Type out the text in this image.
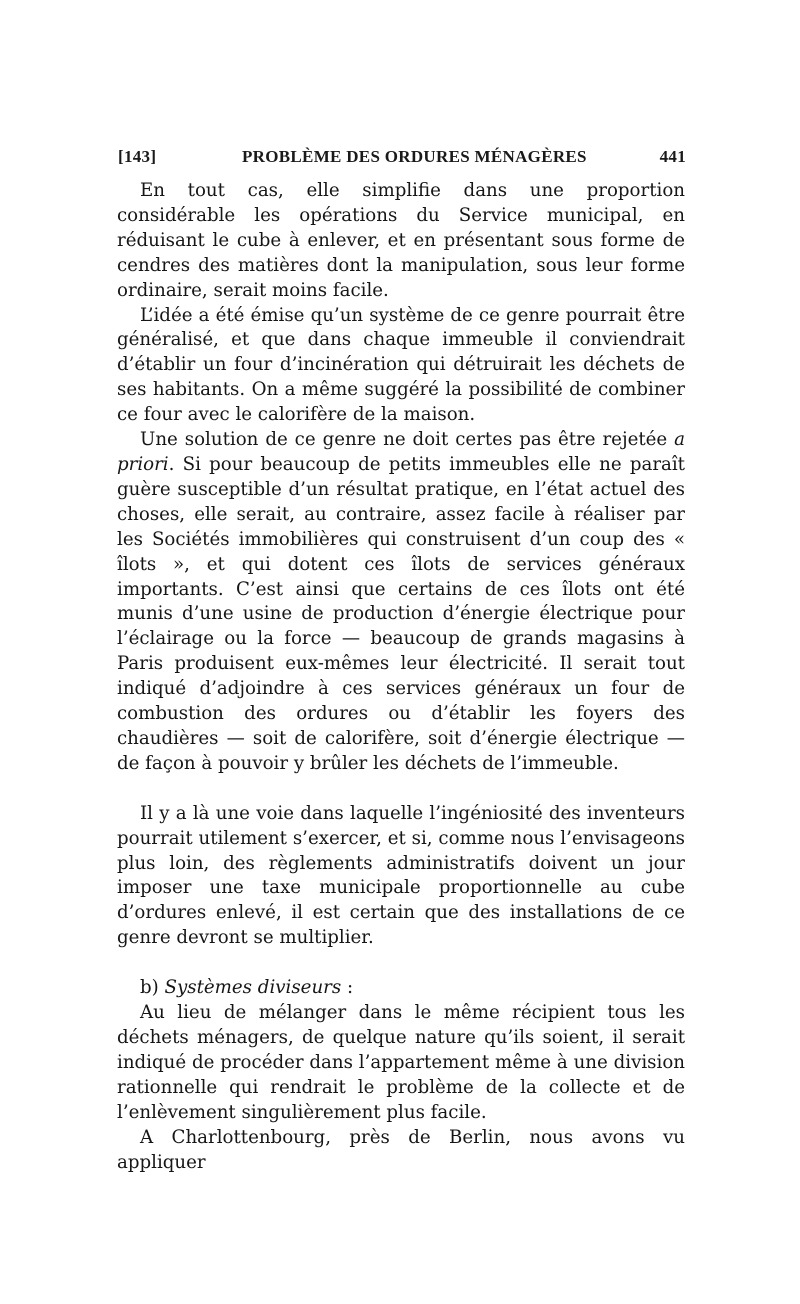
[143]	PROBLÈME DES ORDURES MÉNAGÈRES	441

En tout cas, elle simplifie dans une proportion considérable les opérations du Service municipal, en réduisant le cube à enlever, et en présentant sous forme de cendres des matières dont la manipulation, sous leur forme ordinaire, serait moins facile.

L’idée a été émise qu’un système de ce genre pourrait être généralisé, et que dans chaque immeuble il conviendrait d’établir un four d’incinération qui détruirait les déchets de ses habitants. On a même suggéré la possibilité de combiner ce four avec le calorifère de la maison.

Une solution de ce genre ne doit certes pas être rejetée a priori. Si pour beaucoup de petits immeubles elle ne paraît guère susceptible d’un résultat pratique, en l’état actuel des choses, elle serait, au contraire, assez facile à réaliser par les Sociétés immobilières qui construisent d’un coup des « îlots », et qui dotent ces îlots de services généraux importants. C’est ainsi que certains de ces îlots ont été munis d’une usine de production d’énergie électrique pour l’éclairage ou la force — beaucoup de grands magasins à Paris produisent eux-mêmes leur électricité. Il serait tout indiqué d’adjoindre à ces services généraux un four de combustion des ordures ou d’établir les foyers des chaudières — soit de calorifère, soit d’énergie électrique — de façon à pouvoir y brûler les déchets de l’immeuble.

Il y a là une voie dans laquelle l’ingéniosité des inventeurs pourrait utilement s’exercer, et si, comme nous l’envisageons plus loin, des règlements administratifs doivent un jour imposer une taxe municipale proportionnelle au cube d’ordures enlevé, il est certain que des installations de ce genre devront se multiplier.

b) Systèmes diviseurs :

Au lieu de mélanger dans le même récipient tous les déchets ménagers, de quelque nature qu’ils soient, il serait indiqué de procéder dans l’appartement même à une division rationnelle qui rendrait le problème de la collecte et de l’enlèvement singulièrement plus facile.

A Charlottenbourg, près de Berlin, nous avons vu appliquer
